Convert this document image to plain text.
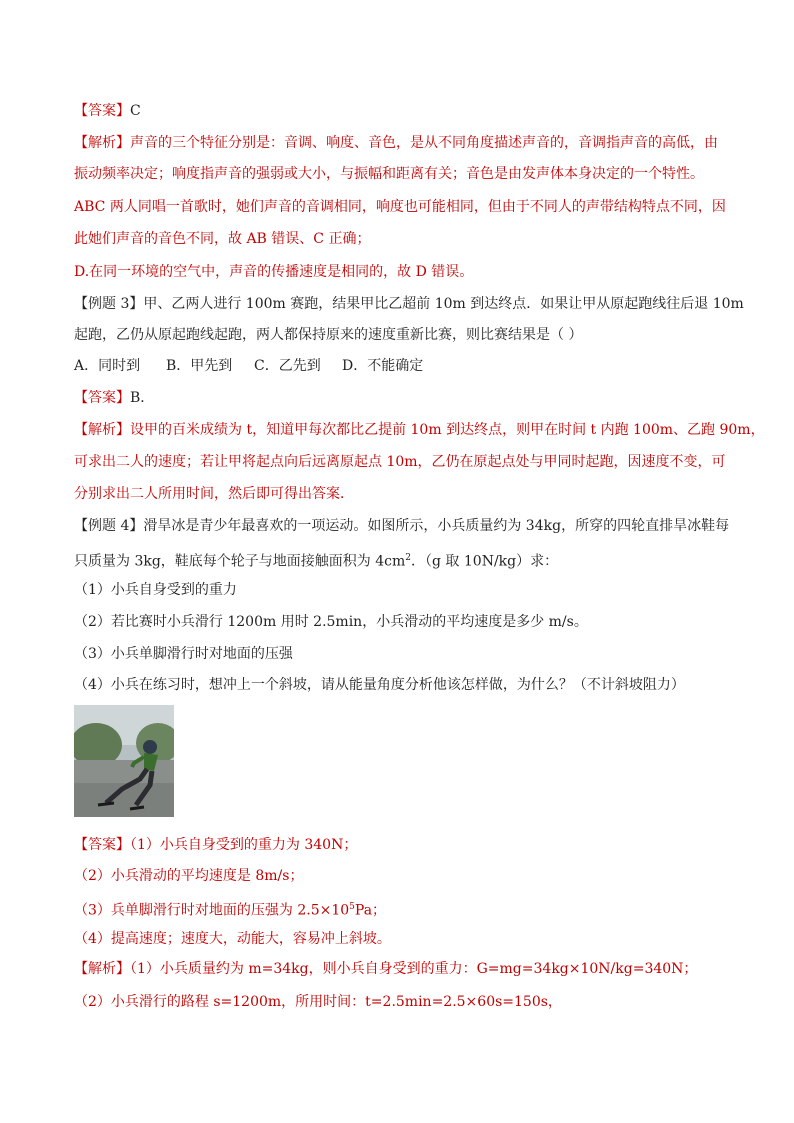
【答案】C
【解析】声音的三个特征分别是：音调、响度、音色，是从不同角度描述声音的，音调指声音的高低，由
振动频率决定；响度指声音的强弱或大小，与振幅和距离有关；音色是由发声体本身决定的一个特性。
ABC 两人同唱一首歌时，她们声音的音调相同，响度也可能相同，但由于不同人的声带结构特点不同，因
此她们声音的音色不同，故 AB 错误、C 正确；
D.在同一环境的空气中，声音的传播速度是相同的，故 D 错误。
【例题 3】甲、乙两人进行 100m 赛跑，结果甲比乙超前 10m 到达终点．如果让甲从原起跑线往后退 10m
起跑，乙仍从原起跑线起跑，两人都保持原来的速度重新比赛，则比赛结果是（ ）
A．同时到 B．甲先到 C．乙先到 D．不能确定
【答案】B．
【解析】设甲的百米成绩为 t，知道甲每次都比乙提前 10m 到达终点，则甲在时间 t 内跑 100m、乙跑 90m，
可求出二人的速度；若让甲将起点向后远离原起点 10m，乙仍在原起点处与甲同时起跑，因速度不变，可
分别求出二人所用时间，然后即可得出答案．
【例题 4】滑旱冰是青少年最喜欢的一项运动。如图所示，小兵质量约为 34kg，所穿的四轮直排旱冰鞋每
只质量为 3kg，鞋底每个轮子与地面接触面积为 $4cm^2$．（g 取 10N/kg）求：
（1）小兵自身受到的重力
（2）若比赛时小兵滑行 1200m 用时 2.5min，小兵滑动的平均速度是多少 m/s。
（3）小兵单脚滑行时对地面的压强
（4）小兵在练习时，想冲上一个斜坡，请从能量角度分析他该怎样做，为什么？（不计斜坡阻力）
【答案】（1）小兵自身受到的重力为 340N；
（2）小兵滑动的平均速度是 8m/s；
（3）兵单脚滑行时对地面的压强为 $2.5\times 10^5Pa$；
（4）提高速度；速度大，动能大，容易冲上斜坡。
【解析】（1）小兵质量约为 m=34kg，则小兵自身受到的重力：G=mg=34kg×10N/kg=340N；
（2）小兵滑行的路程 s=1200m，所用时间：t=2.5min=2.5×60s=150s，
